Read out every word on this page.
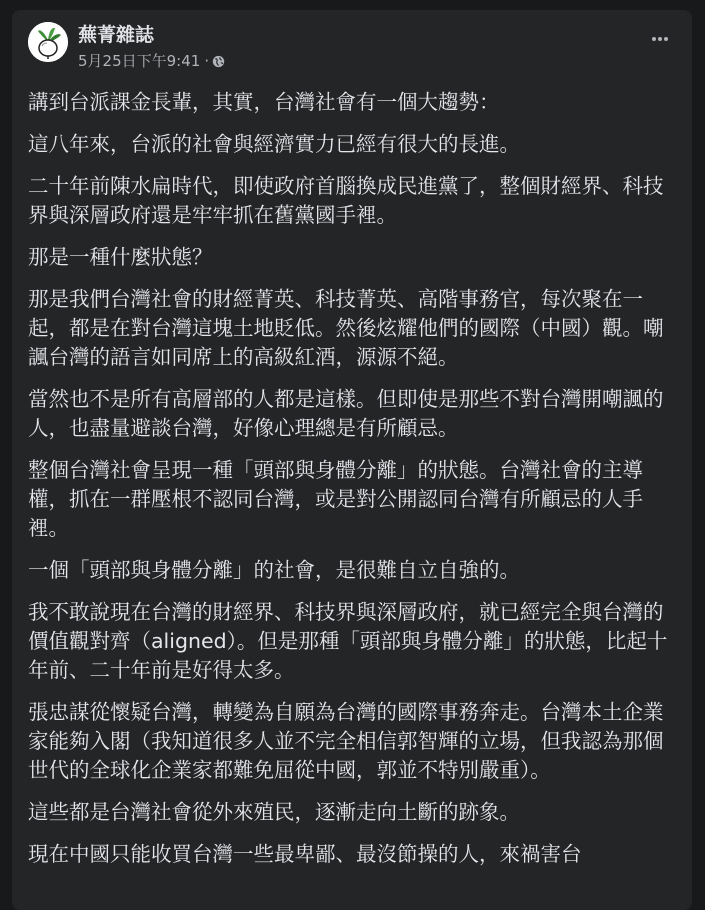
蕪菁雜誌
5月25日下午9:41 ·

講到台派課金長輩，其實，台灣社會有一個大趨勢：

這八年來，台派的社會與經濟實力已經有很大的長進。

二十年前陳水扁時代，即使政府首腦換成民進黨了，整個財經界、科技界與深層政府還是牢牢抓在舊黨國手裡。

那是一種什麼狀態？

那是我們台灣社會的財經菁英、科技菁英、高階事務官，每次聚在一起，都是在對台灣這塊土地貶低。然後炫耀他們的國際（中國）觀。嘲諷台灣的語言如同席上的高級紅酒，源源不絕。

當然也不是所有高層部的人都是這樣。但即使是那些不對台灣開嘲諷的人，也盡量避談台灣，好像心理總是有所顧忌。

整個台灣社會呈現一種「頭部與身體分離」的狀態。台灣社會的主導權，抓在一群壓根不認同台灣，或是對公開認同台灣有所顧忌的人手裡。

一個「頭部與身體分離」的社會，是很難自立自強的。

我不敢說現在台灣的財經界、科技界與深層政府，就已經完全與台灣的價值觀對齊（aligned）。但是那種「頭部與身體分離」的狀態，比起十年前、二十年前是好得太多。

張忠謀從懷疑台灣，轉變為自願為台灣的國際事務奔走。台灣本土企業家能夠入閣（我知道很多人並不完全相信郭智輝的立場，但我認為那個世代的全球化企業家都難免屈從中國，郭並不特別嚴重）。

這些都是台灣社會從外來殖民，逐漸走向土斷的跡象。

現在中國只能收買台灣一些最卑鄙、最沒節操的人，來禍害台
